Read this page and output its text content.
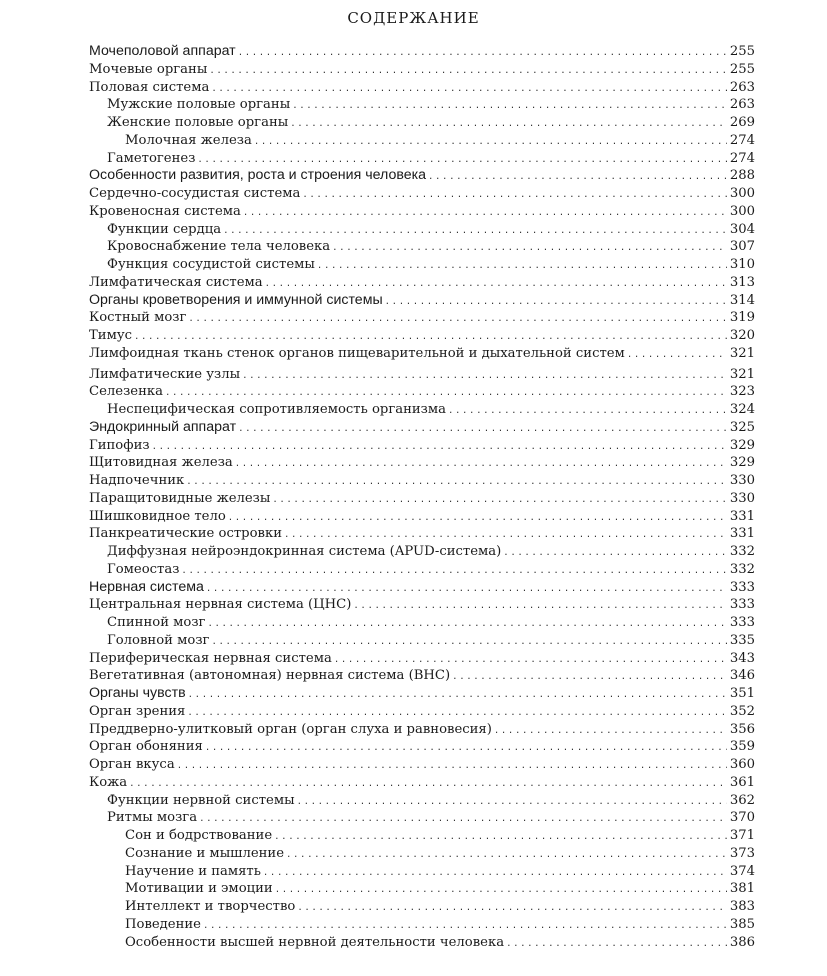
СОДЕРЖАНИЕ
Мочеполовой аппарат .....	255
Мочевые органы .....	255
Половая система .....	263
Мужские половые органы .....	263
Женские половые органы .....	269
Молочная железа .....	274
Гаметогенез .....	274
Особенности развития, роста и строения человека .....	288
Сердечно-сосудистая система .....	300
Кровеносная система .....	300
Функции сердца .....	304
Кровоснабжение тела человека .....	307
Функция сосудистой системы .....	310
Лимфатическая система .....	313
Органы кроветворения и иммунной системы .....	314
Костный мозг .....	319
Тимус .....	320
Лимфоидная ткань стенок органов пищеварительной и дыхательной систем .....	321
Лимфатические узлы .....	321
Селезенка .....	323
Неспецифическая сопротивляемость организма .....	324
Эндокринный аппарат .....	325
Гипофиз .....	329
Щитовидная железа .....	329
Надпочечник .....	330
Паращитовидные железы .....	330
Шишковидное тело .....	331
Панкреатические островки .....	331
Диффузная нейроэндокринная система (APUD-система) .....	332
Гомеостаз .....	332
Нервная система .....	333
Центральная нервная система (ЦНС) .....	333
Спинной мозг .....	333
Головной мозг .....	335
Периферическая нервная система .....	343
Вегетативная (автономная) нервная система (ВНС) .....	346
Органы чувств .....	351
Орган зрения .....	352
Преддверно-улитковый орган (орган слуха и равновесия) .....	356
Орган обоняния .....	359
Орган вкуса .....	360
Кожа .....	361
Функции нервной системы .....	362
Ритмы мозга .....	370
Сон и бодрствование .....	371
Сознание и мышление .....	373
Научение и память .....	374
Мотивации и эмоции .....	381
Интеллект и творчество .....	383
Поведение .....	385
Особенности высшей нервной деятельности человека .....	386
